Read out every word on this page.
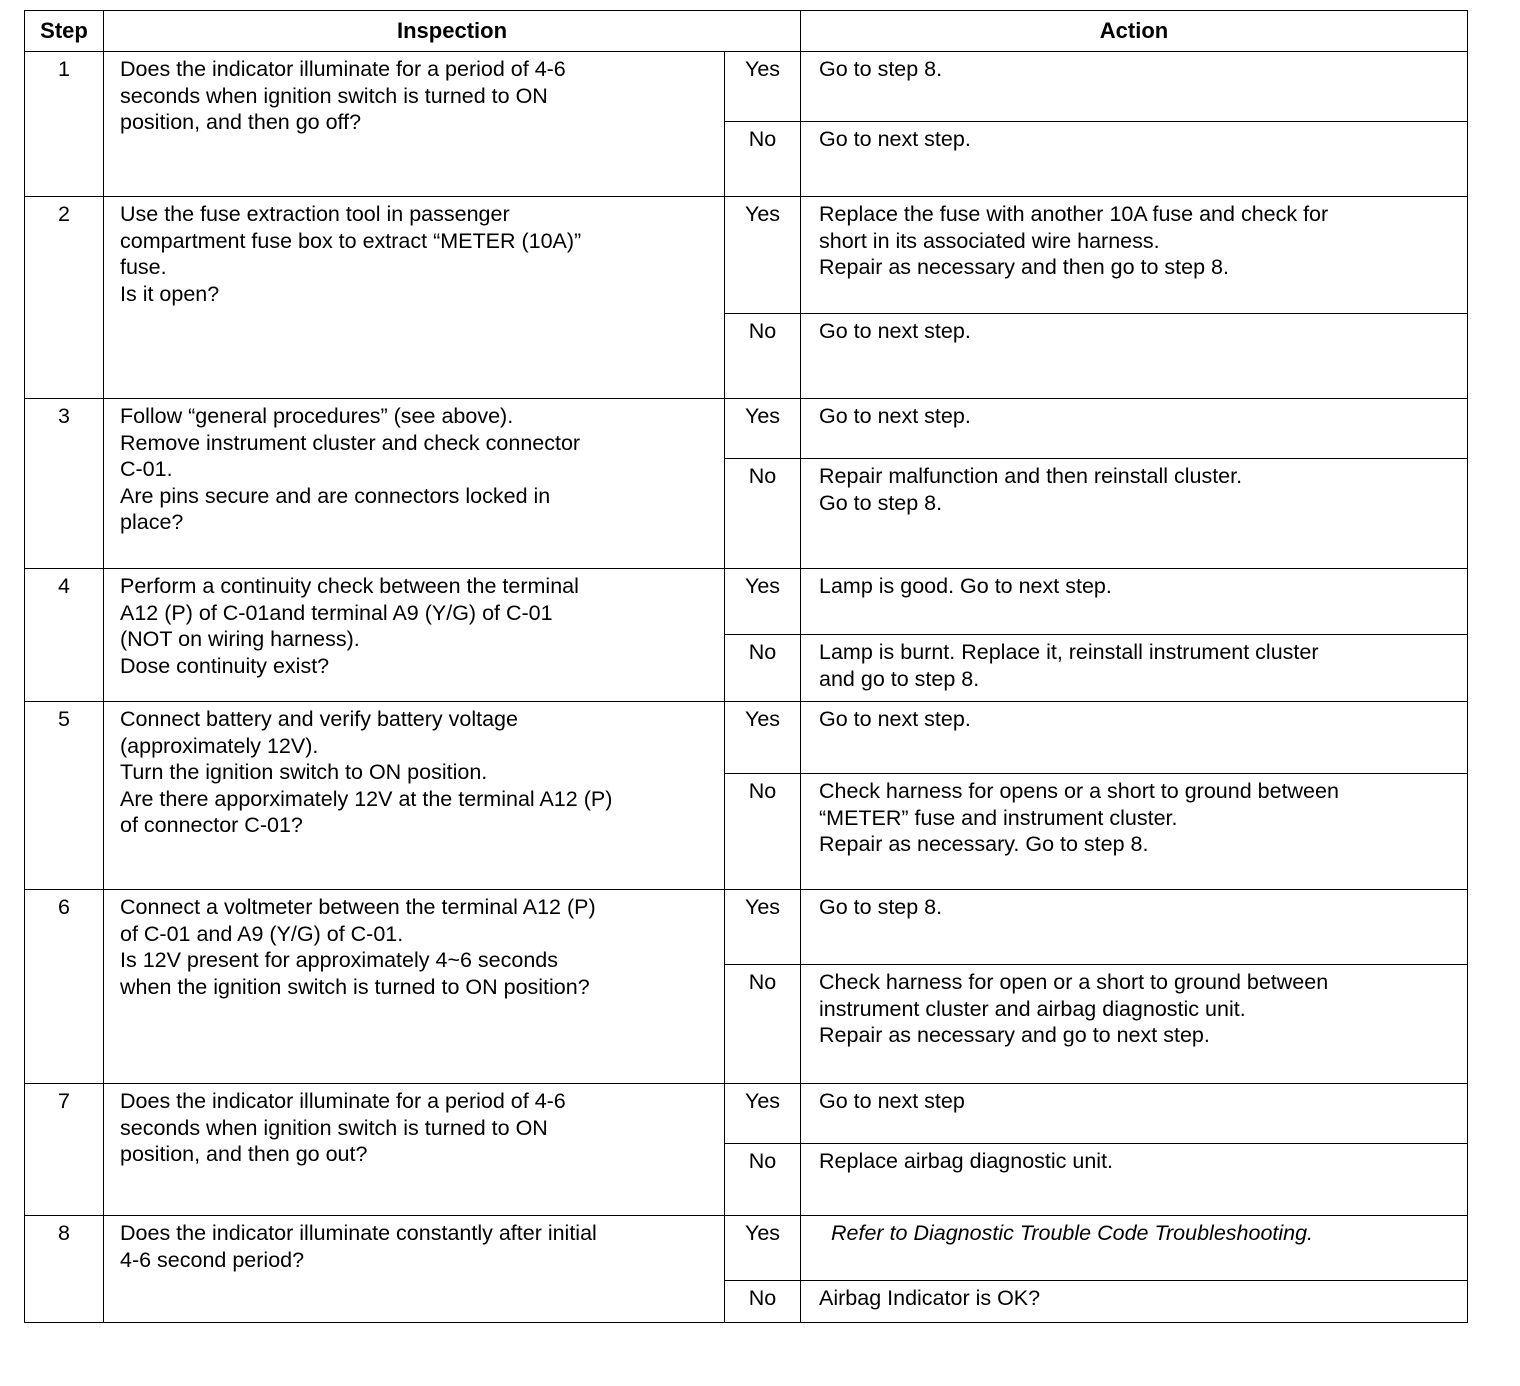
Step	Inspection		Action
1	Does the indicator illuminate for a period of 4-6
seconds when ignition switch is turned to ON
position, and then go off?	Yes	Go to step 8.

		No	Go to next step.

2	Use the fuse extraction tool in passenger
compartment fuse box to extract “METER (10A)”
fuse.
Is it open?	Yes	Replace the fuse with another 10A fuse and check for
short in its associated wire harness.
Repair as necessary and then go to step 8.

		No	Go to next step.

3	Follow “general procedures” (see above).
Remove instrument cluster and check connector
C-01.
Are pins secure and are connectors locked in
place?	Yes	Go to next step.

		No	Repair malfunction and then reinstall cluster.
Go to step 8.

4	Perform a continuity check between the terminal
A12 (P) of C-01and terminal A9 (Y/G) of C-01
(NOT on wiring harness).
Dose continuity exist?	Yes	Lamp is good. Go to next step.

		No	Lamp is burnt. Replace it, reinstall instrument cluster
and go to step 8.

5	Connect battery and verify battery voltage
(approximately 12V).
Turn the ignition switch to ON position.
Are there apporximately 12V at the terminal A12 (P)
of connector C-01?	Yes	Go to next step.

		No	Check harness for opens or a short to ground between
“METER” fuse and instrument cluster.
Repair as necessary. Go to step 8.

6	Connect a voltmeter between the terminal A12 (P)
of C-01 and A9 (Y/G) of C-01.
Is 12V present for approximately 4~6 seconds
when the ignition switch is turned to ON position?	Yes	Go to step 8.

		No	Check harness for open or a short to ground between
instrument cluster and airbag diagnostic unit.
Repair as necessary and go to next step.

7	Does the indicator illuminate for a period of 4-6
seconds when ignition switch is turned to ON
position, and then go out?	Yes	Go to next step

		No	Replace airbag diagnostic unit.

8	Does the indicator illuminate constantly after initial
4-6 second period?	Yes	Refer to Diagnostic Trouble Code Troubleshooting.

		No	Airbag Indicator is OK?
